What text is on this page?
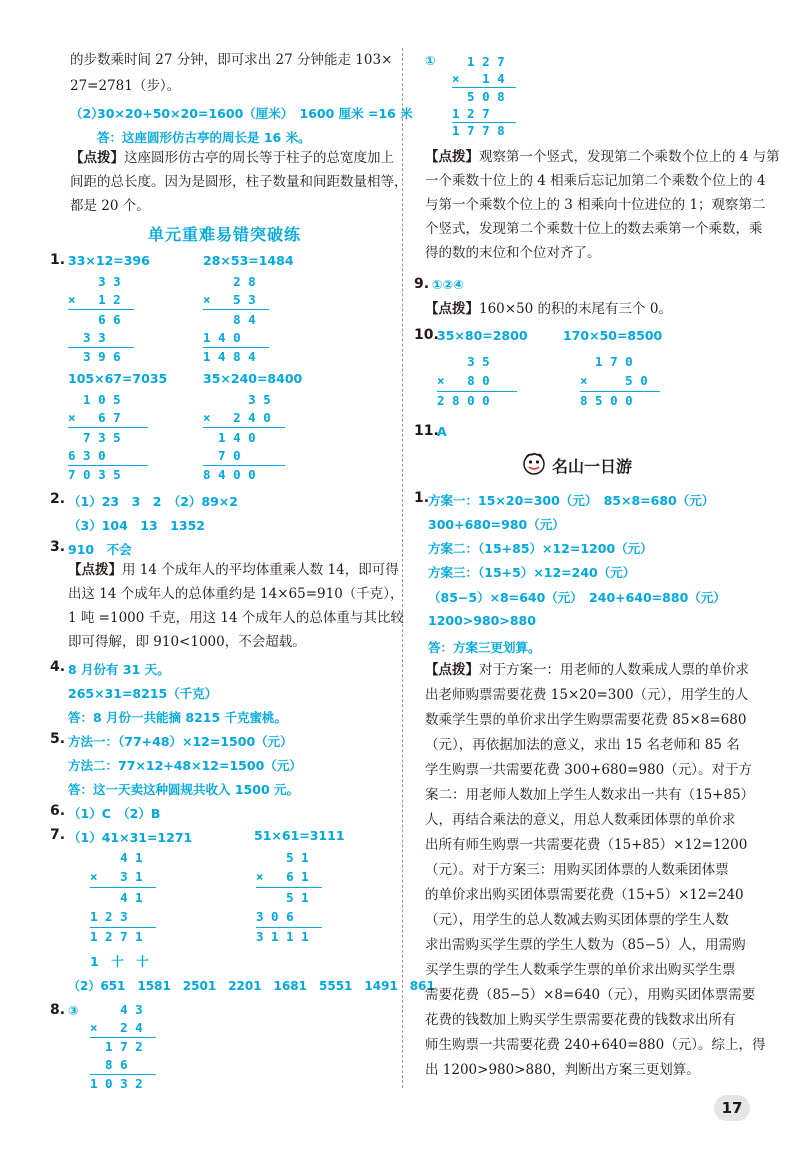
的步数乘时间 27 分钟，即可求出 27 分钟能走 103×
27=2781（步）。
（2）
30×20+50×20=1600（厘米）　1600 厘米 =16 米
答：这座圆形仿古亭的周长是 16 米。
【点拨】这座圆形仿古亭的周长等于柱子的总宽度加上
间距的总长度。因为是圆形，柱子数量和间距数量相等，
都是 20 个。
单元重难易错突破练
1. 33×12=396	28×53=1484
3 3
×   1 2
6 6
3 3
3 9 6
2 8
×   5 3
8 4
1 4 0
1 4 8 4
105×67=7035	35×240=8400
1 0 5
×   6 7
7 3 5
6 3 0
7 0 3 5
3 5
×   2 4 0
1 4 0
7 0
8 4 0 0
2. （1）23　3　2　（2）89×2
（3）104　13　1352
3. 910　不会
【点拨】用 14 个成年人的平均体重乘人数 14，即可得
出这 14 个成年人的总体重约是 14×65=910（千克），
1 吨 =1000 千克，用这 14 个成年人的总体重与其比较
即可得解，即 910<1000，不会超载。
4. 8 月份有 31 天。
265×31=8215（千克）
答：8 月份一共能摘 8215 千克蜜桃。
5. 方法一：（77+48）×12=1500（元）
方法二：77×12+48×12=1500（元）
答：这一天卖这种圆规共收入 1500 元。
6. （1）C　（2）B
7. （1）41×31=1271	51×61=3111
4 1
×   3 1
4 1
1 2 3
1 2 7 1
5 1
×   6 1
5 1
3 0 6
3 1 1 1
1　十　十
（2）651　1581　2501　2201　1681　5551　1491　861
8. ③ 4 3
×   2 4
1 7 2
8 6
1 0 3 2
① 1 2 7
×   1 4
5 0 8
1 2 7
1 7 7 8
【点拨】观察第一个竖式，发现第二个乘数个位上的 4 与第
一个乘数十位上的 4 相乘后忘记加第二个乘数个位上的 4
与第一个乘数个位上的 3 相乘向十位进位的 1；观察第二
个竖式，发现第二个乘数十位上的数去乘第一个乘数，乘
得的数的末位和个位对齐了。
9. ①②④
【点拨】160×50 的积的末尾有三个 0。
10.
35×80=2800	170×50=8500
3 5
×   8 0
2 8 0 0
1 7 0
×     5 0
8 5 0 0
11.
A
名山一日游
1.
方案一：15×20=300（元）　85×8=680（元）
300+680=980（元）
方案二：（15+85）×12=1200（元）
方案三：（15+5）×12=240（元）
（85−5）×8=640（元）　240+640=880（元）
1200>980>880
答：方案三更划算。
【点拨】对于方案一：用老师的人数乘成人票的单价求
出老师购票需要花费 15×20=300（元），用学生的人
数乘学生票的单价求出学生购票需要花费 85×8=680
（元），再依据加法的意义，求出 15 名老师和 85 名
学生购票一共需要花费 300+680=980（元）。对于方
案二：用老师人数加上学生人数求出一共有（15+85）
人，再结合乘法的意义，用总人数乘团体票的单价求
出所有师生购票一共需要花费（15+85）×12=1200
（元）。对于方案三：用购买团体票的人数乘团体票
的单价求出购买团体票需要花费（15+5）×12=240
（元），用学生的总人数减去购买团体票的学生人数
求出需购买学生票的学生人数为（85−5）人，用需购
买学生票的学生人数乘学生票的单价求出购买学生票
需要花费（85−5）×8=640（元），用购买团体票需要
花费的钱数加上购买学生票需要花费的钱数求出所有
师生购票一共需要花费 240+640=880（元）。综上，得
出 1200>980>880，判断出方案三更划算。
17
